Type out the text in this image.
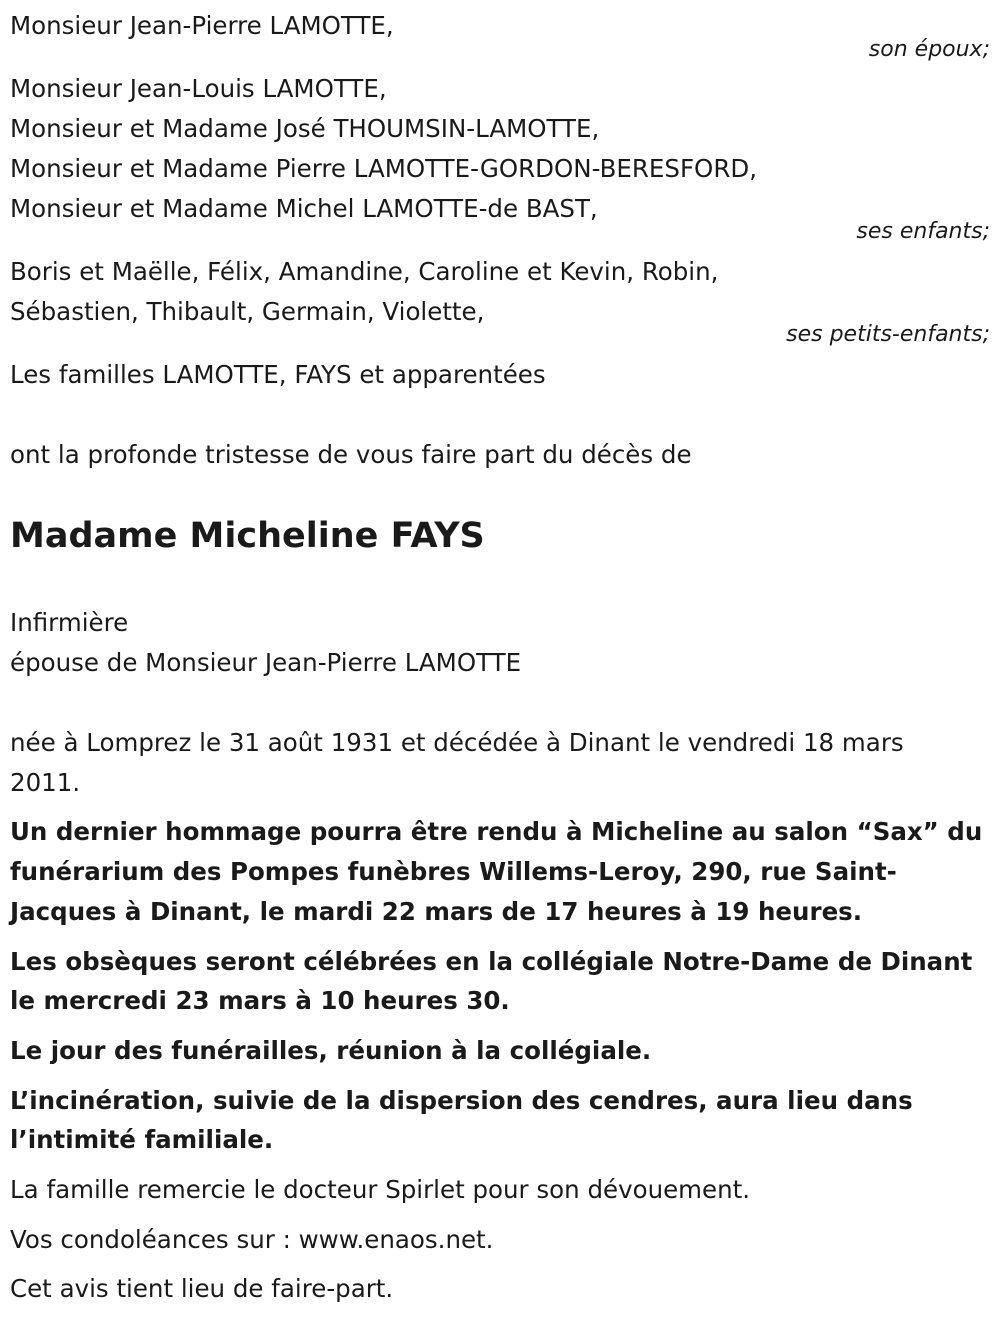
Monsieur Jean-Pierre LAMOTTE,
son époux;
Monsieur Jean-Louis LAMOTTE,
Monsieur et Madame José THOUMSIN-LAMOTTE,
Monsieur et Madame Pierre LAMOTTE-GORDON-BERESFORD,
Monsieur et Madame Michel LAMOTTE-de BAST,
ses enfants;
Boris et Maëlle, Félix, Amandine, Caroline et Kevin, Robin,
Sébastien, Thibault, Germain, Violette,
ses petits-enfants;
Les familles LAMOTTE, FAYS et apparentées
ont la profonde tristesse de vous faire part du décès de
Madame Micheline FAYS
Infirmière
épouse de Monsieur Jean-Pierre LAMOTTE
née à Lomprez le 31 août 1931 et décédée à Dinant le vendredi 18 mars
2011.
Un dernier hommage pourra être rendu à Micheline au salon “Sax” du
funérarium des Pompes funèbres Willems-Leroy, 290, rue Saint-
Jacques à Dinant, le mardi 22 mars de 17 heures à 19 heures.
Les obsèques seront célébrées en la collégiale Notre-Dame de Dinant
le mercredi 23 mars à 10 heures 30.
Le jour des funérailles, réunion à la collégiale.
L’incinération, suivie de la dispersion des cendres, aura lieu dans
l’intimité familiale.
La famille remercie le docteur Spirlet pour son dévouement.
Vos condoléances sur : www.enaos.net.
Cet avis tient lieu de faire-part.
